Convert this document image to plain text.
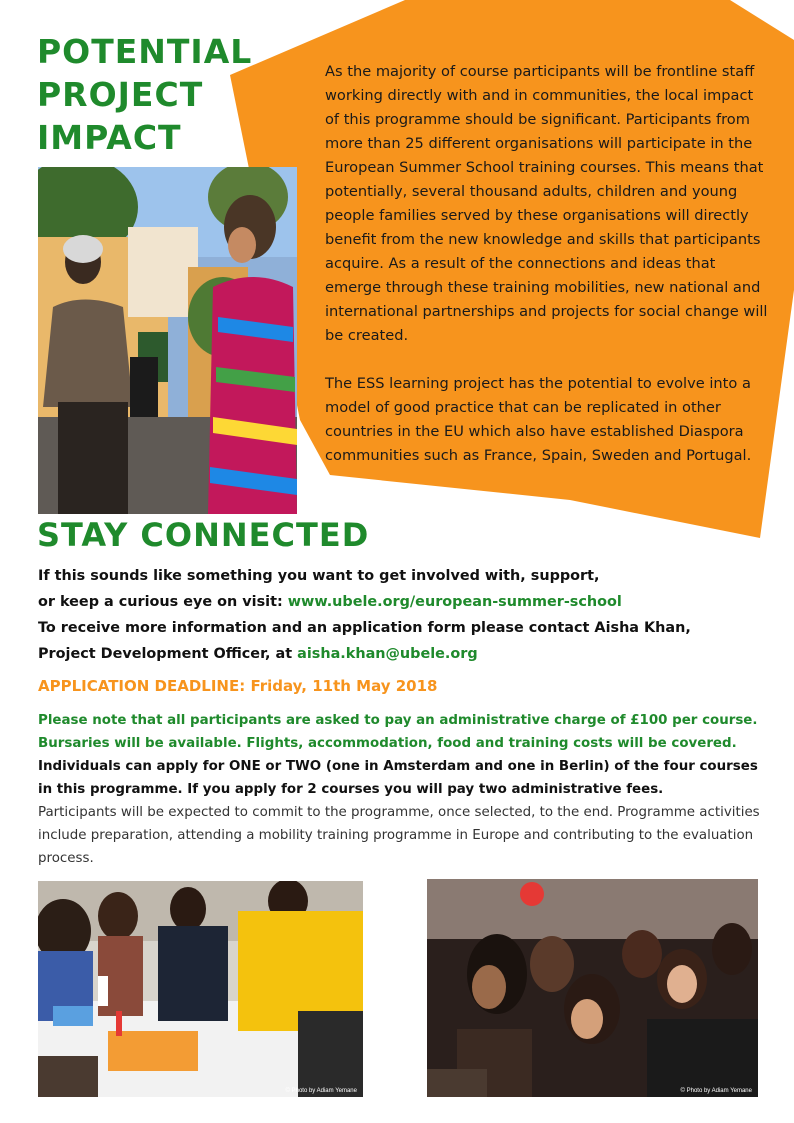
POTENTIAL
PROJECT
IMPACT

As the majority of course participants will be frontline staff working directly with and in communities, the local impact of this programme should be significant. Participants from more than 25 different organisations will participate in the European Summer School training courses. This means that potentially, several thousand adults, children and young people families served by these organisations will directly benefit from the new knowledge and skills that participants acquire. As a result of the connections and ideas that emerge through these training mobilities, new national and international partnerships and projects for social change will be created.

The ESS learning project has the potential to evolve into a model of good practice that can be replicated in other countries in the EU which also have established Diaspora communities such as France, Spain, Sweden and Portugal.

STAY CONNECTED
If this sounds like something you want to get involved with, support,
or keep a curious eye on visit: www.ubele.org/european-summer-school
To receive more information and an application form please contact Aisha Khan,
Project Development Officer, at aisha.khan@ubele.org
APPLICATION DEADLINE: Friday, 11th May 2018
Please note that all participants are asked to pay an administrative charge of £100 per course.
Bursaries will be available. Flights, accommodation, food and training costs will be covered.
Individuals can apply for ONE or TWO (one in Amsterdam and one in Berlin) of the four courses
in this programme. If you apply for 2 courses you will pay two administrative fees.
Participants will be expected to commit to the programme, once selected, to the end. Programme activities include preparation, attending a mobility training programme in Europe and contributing to the evaluation process.
© Photo by Adiam Yemane	© Photo by Adiam Yemane
